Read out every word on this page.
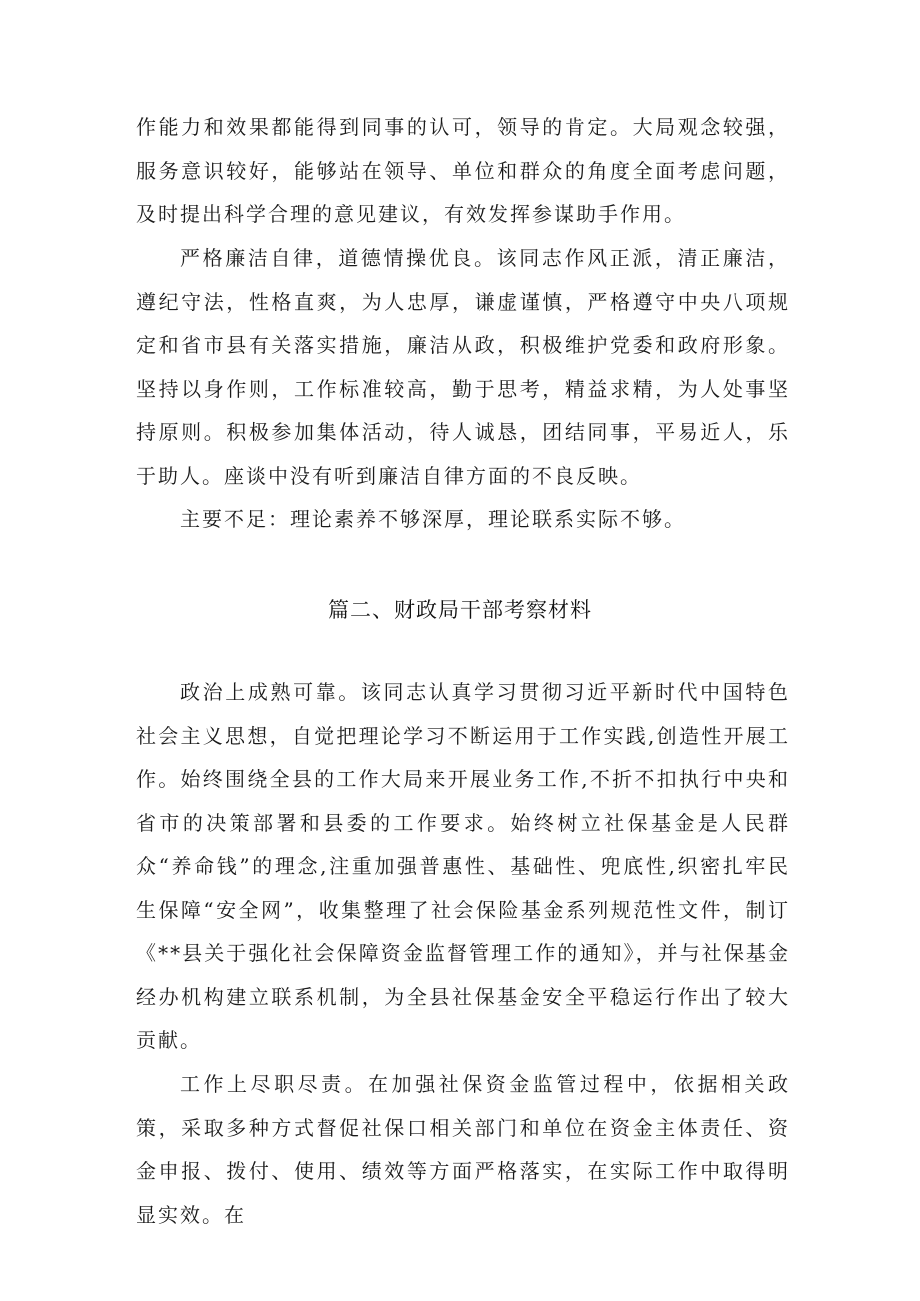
作能力和效果都能得到同事的认可，领导的肯定。大局观念较强，服务意识较好，能够站在领导、单位和群众的角度全面考虑问题，及时提出科学合理的意见建议，有效发挥参谋助手作用。

严格廉洁自律，道德情操优良。该同志作风正派，清正廉洁，遵纪守法，性格直爽，为人忠厚，谦虚谨慎，严格遵守中央八项规定和省市县有关落实措施，廉洁从政，积极维护党委和政府形象。坚持以身作则，工作标准较高，勤于思考，精益求精，为人处事坚持原则。积极参加集体活动，待人诚恳，团结同事，平易近人，乐于助人。座谈中没有听到廉洁自律方面的不良反映。

主要不足：理论素养不够深厚，理论联系实际不够。

篇二、财政局干部考察材料

政治上成熟可靠。该同志认真学习贯彻习近平新时代中国特色社会主义思想，自觉把理论学习不断运用于工作实践,创造性开展工作。始终围绕全县的工作大局来开展业务工作,不折不扣执行中央和省市的决策部署和县委的工作要求。始终树立社保基金是人民群众“养命钱”的理念,注重加强普惠性、基础性、兜底性,织密扎牢民生保障“安全网”，收集整理了社会保险基金系列规范性文件，制订《**县关于强化社会保障资金监督管理工作的通知》，并与社保基金经办机构建立联系机制，为全县社保基金安全平稳运行作出了较大贡献。

工作上尽职尽责。在加强社保资金监管过程中，依据相关政策，采取多种方式督促社保口相关部门和单位在资金主体责任、资金申报、拨付、使用、绩效等方面严格落实，在实际工作中取得明显实效。在
